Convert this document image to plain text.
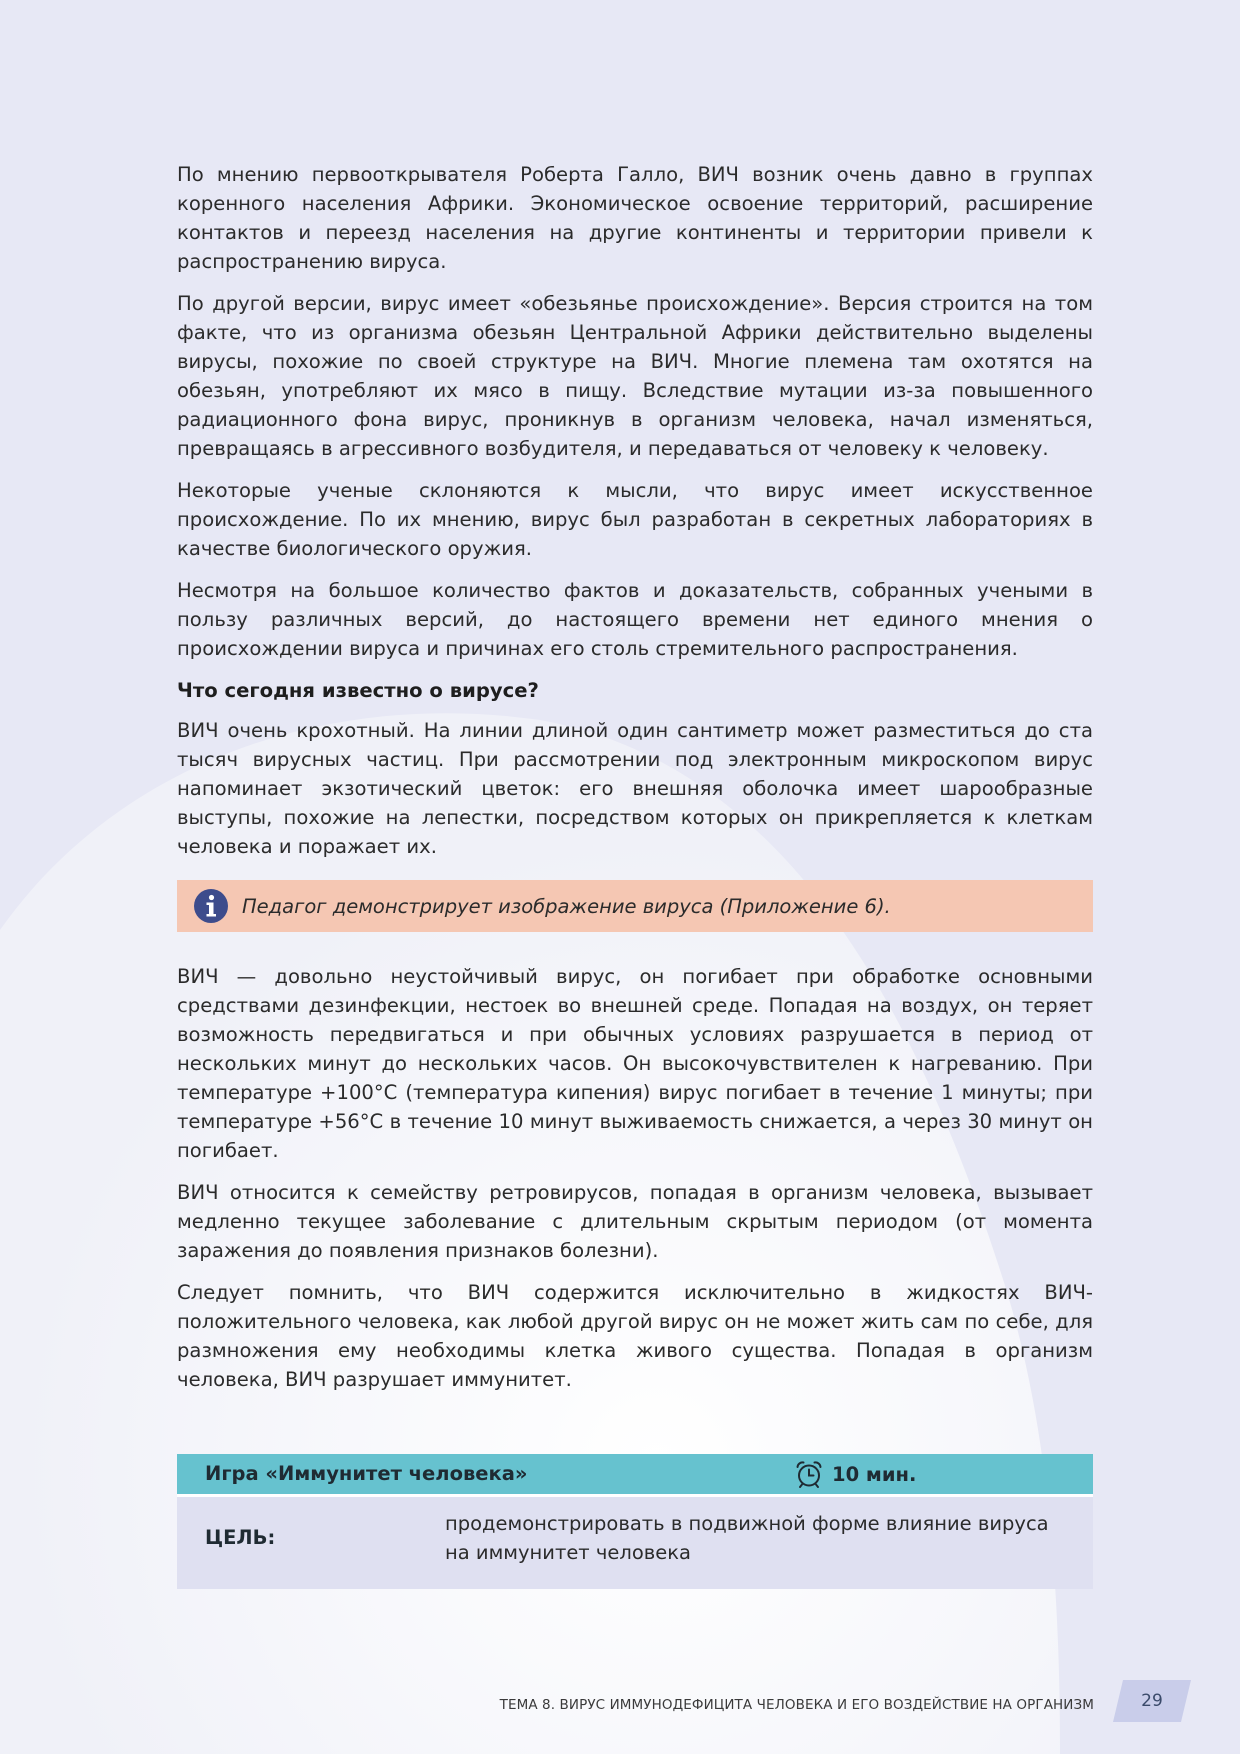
По мнению первооткрывателя Роберта Галло, ВИЧ возник очень давно в группах коренного населения Африки. Экономическое освоение территорий, расширение контактов и переезд населения на другие континенты и территории привели к распространению вируса.

По другой версии, вирус имеет «обезьянье происхождение». Версия строится на том факте, что из организма обезьян Центральной Африки действительно выделены вирусы, похожие по своей структуре на ВИЧ. Многие племена там охотятся на обезьян, употребляют их мясо в пищу. Вследствие мутации из-за повышенного радиационного фона вирус, проникнув в организм человека, начал изменяться, превращаясь в агрессивного возбудителя, и передаваться от человеку к человеку.

Некоторые ученые склоняются к мысли, что вирус имеет искусственное происхождение. По их мнению, вирус был разработан в секретных лабораториях в качестве биологического оружия.

Несмотря на большое количество фактов и доказательств, собранных учеными в пользу различных версий, до настоящего времени нет единого мнения о происхождении вируса и причинах его столь стремительного распространения.

Что сегодня известно о вирусе?

ВИЧ очень крохотный. На линии длиной один сантиметр может разместиться до ста тысяч вирусных частиц. При рассмотрении под электронным микроскопом вирус напоминает экзотический цветок: его внешняя оболочка имеет шарообразные выступы, похожие на лепестки, посредством которых он прикрепляется к клеткам человека и поражает их.

Педагог демонстрирует изображение вируса (Приложение 6).

ВИЧ — довольно неустойчивый вирус, он погибает при обработке основными средствами дезинфекции, нестоек во внешней среде. Попадая на воздух, он теряет возможность передвигаться и при обычных условиях разрушается в период от нескольких минут до нескольких часов. Он высокочувствителен к нагреванию. При температуре +100°С (температура кипения) вирус погибает в течение 1 минуты; при температуре +56°С в течение 10 минут выживаемость снижается, а через 30 минут он погибает.

ВИЧ относится к семейству ретровирусов, попадая в организм человека, вызывает медленно текущее заболевание с длительным скрытым периодом (от момента заражения до появления признаков болезни).

Следует помнить, что ВИЧ содержится исключительно в жидкостях ВИЧ-положительного человека, как любой другой вирус он не может жить сам по себе, для размножения ему необходимы клетка живого существа. Попадая в организм человека, ВИЧ разрушает иммунитет.

Игра «Иммунитет человека»	10 мин.
ЦЕЛЬ:
продемонстрировать в подвижной форме влияние вируса
на иммунитет человека
ТЕМА 8. ВИРУС ИММУНОДЕФИЦИТА ЧЕЛОВЕКА И ЕГО ВОЗДЕЙСТВИЕ НА ОРГАНИЗМ	29
